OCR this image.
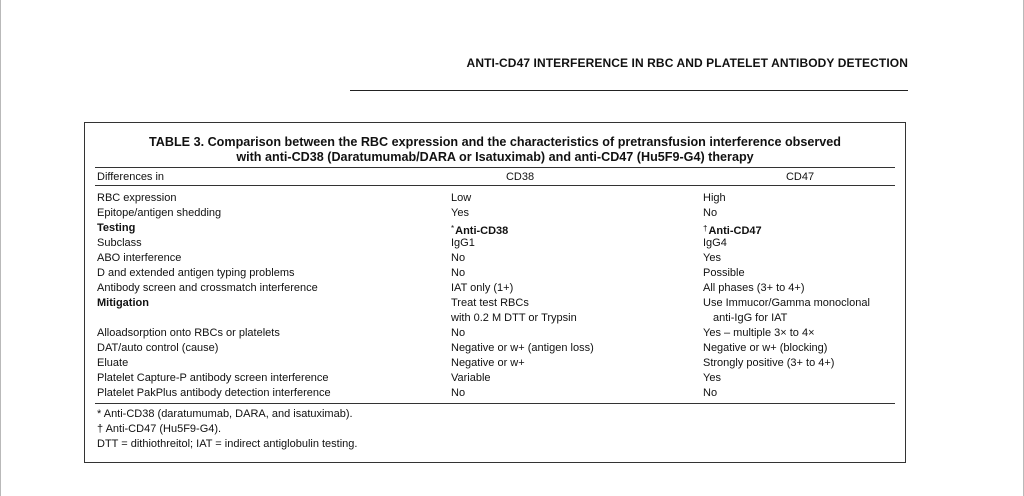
ANTI-CD47 INTERFERENCE IN RBC AND PLATELET ANTIBODY DETECTION
TABLE 3. Comparison between the RBC expression and the characteristics of pretransfusion interference observed
with anti-CD38 (Daratumumab/DARA or Isatuximab) and anti-CD47 (Hu5F9-G4) therapy
Differences in	CD38	CD47
RBC expression	Low	High
Epitope/antigen shedding	Yes	No
Testing	*Anti-CD38	†Anti-CD47
Subclass	IgG1	IgG4
ABO interference	No	Yes
D and extended antigen typing problems	No	Possible
Antibody screen and crossmatch interference	IAT only (1+)	All phases (3+ to 4+)
Mitigation	Treat test RBCs	Use Immucor/Gamma monoclonal
with 0.2 M DTT or Trypsin	anti-IgG for IAT
Alloadsorption onto RBCs or platelets	No	Yes – multiple 3× to 4×
DAT/auto control (cause)	Negative or w+ (antigen loss)	Negative or w+ (blocking)
Eluate	Negative or w+	Strongly positive (3+ to 4+)
Platelet Capture-P antibody screen interference	Variable	Yes
Platelet PakPlus antibody detection interference	No	No
* Anti-CD38 (daratumumab, DARA, and isatuximab).
† Anti-CD47 (Hu5F9-G4).
DTT = dithiothreitol; IAT = indirect antiglobulin testing.
